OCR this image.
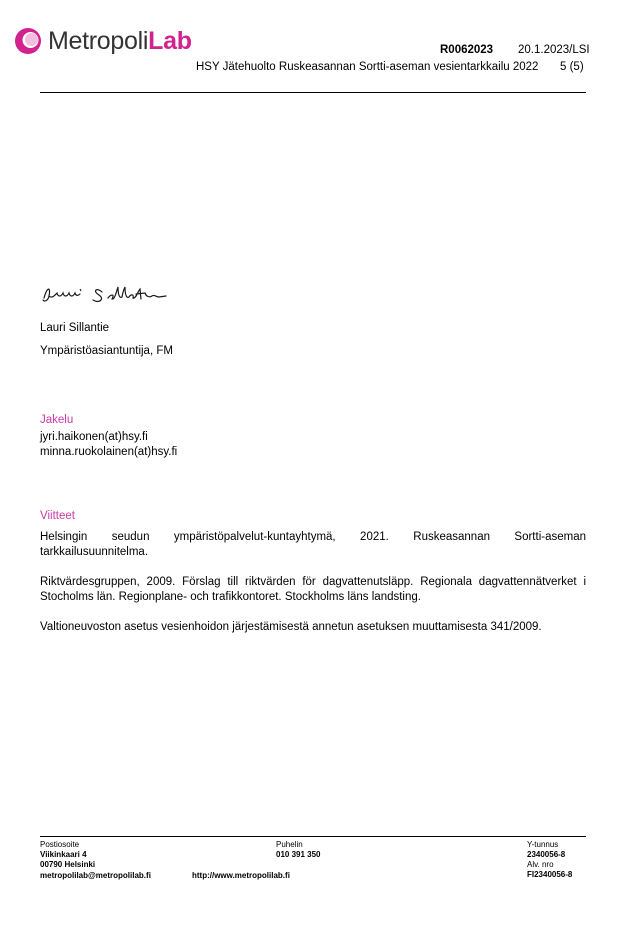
MetropoliLab	R0062023 20.1.2023/LSI
HSY Jätehuolto Ruskeasannan Sortti-aseman vesientarkkailu 2022 5 (5)
Lauri Sillantie
Ympäristöasiantuntija, FM
Jakelu
jyri.haikonen(at)hsy.fi
minna.ruokolainen(at)hsy.fi
Viitteet

Helsingin seudun ympäristöpalvelut-kuntayhtymä, 2021. Ruskeasannan Sortti-aseman tarkkailusuunnitelma.

Riktvärdesgruppen, 2009. Förslag till riktvärden för dagvattenutsläpp. Regionala dagvattennätverket i Stocholms län. Regionplane- och trafikkontoret. Stockholms läns landsting.

Valtioneuvoston asetus vesienhoidon järjestämisestä annetun asetuksen muuttamisesta 341/2009.

Postiosoite
Viikinkaari 4
00790 Helsinki
Puhelin
010 391 350
Y-tunnus
2340056-8
Alv. nro
FI2340056-8
metropolilab@metropolilab.fi	http://www.metropolilab.fi
